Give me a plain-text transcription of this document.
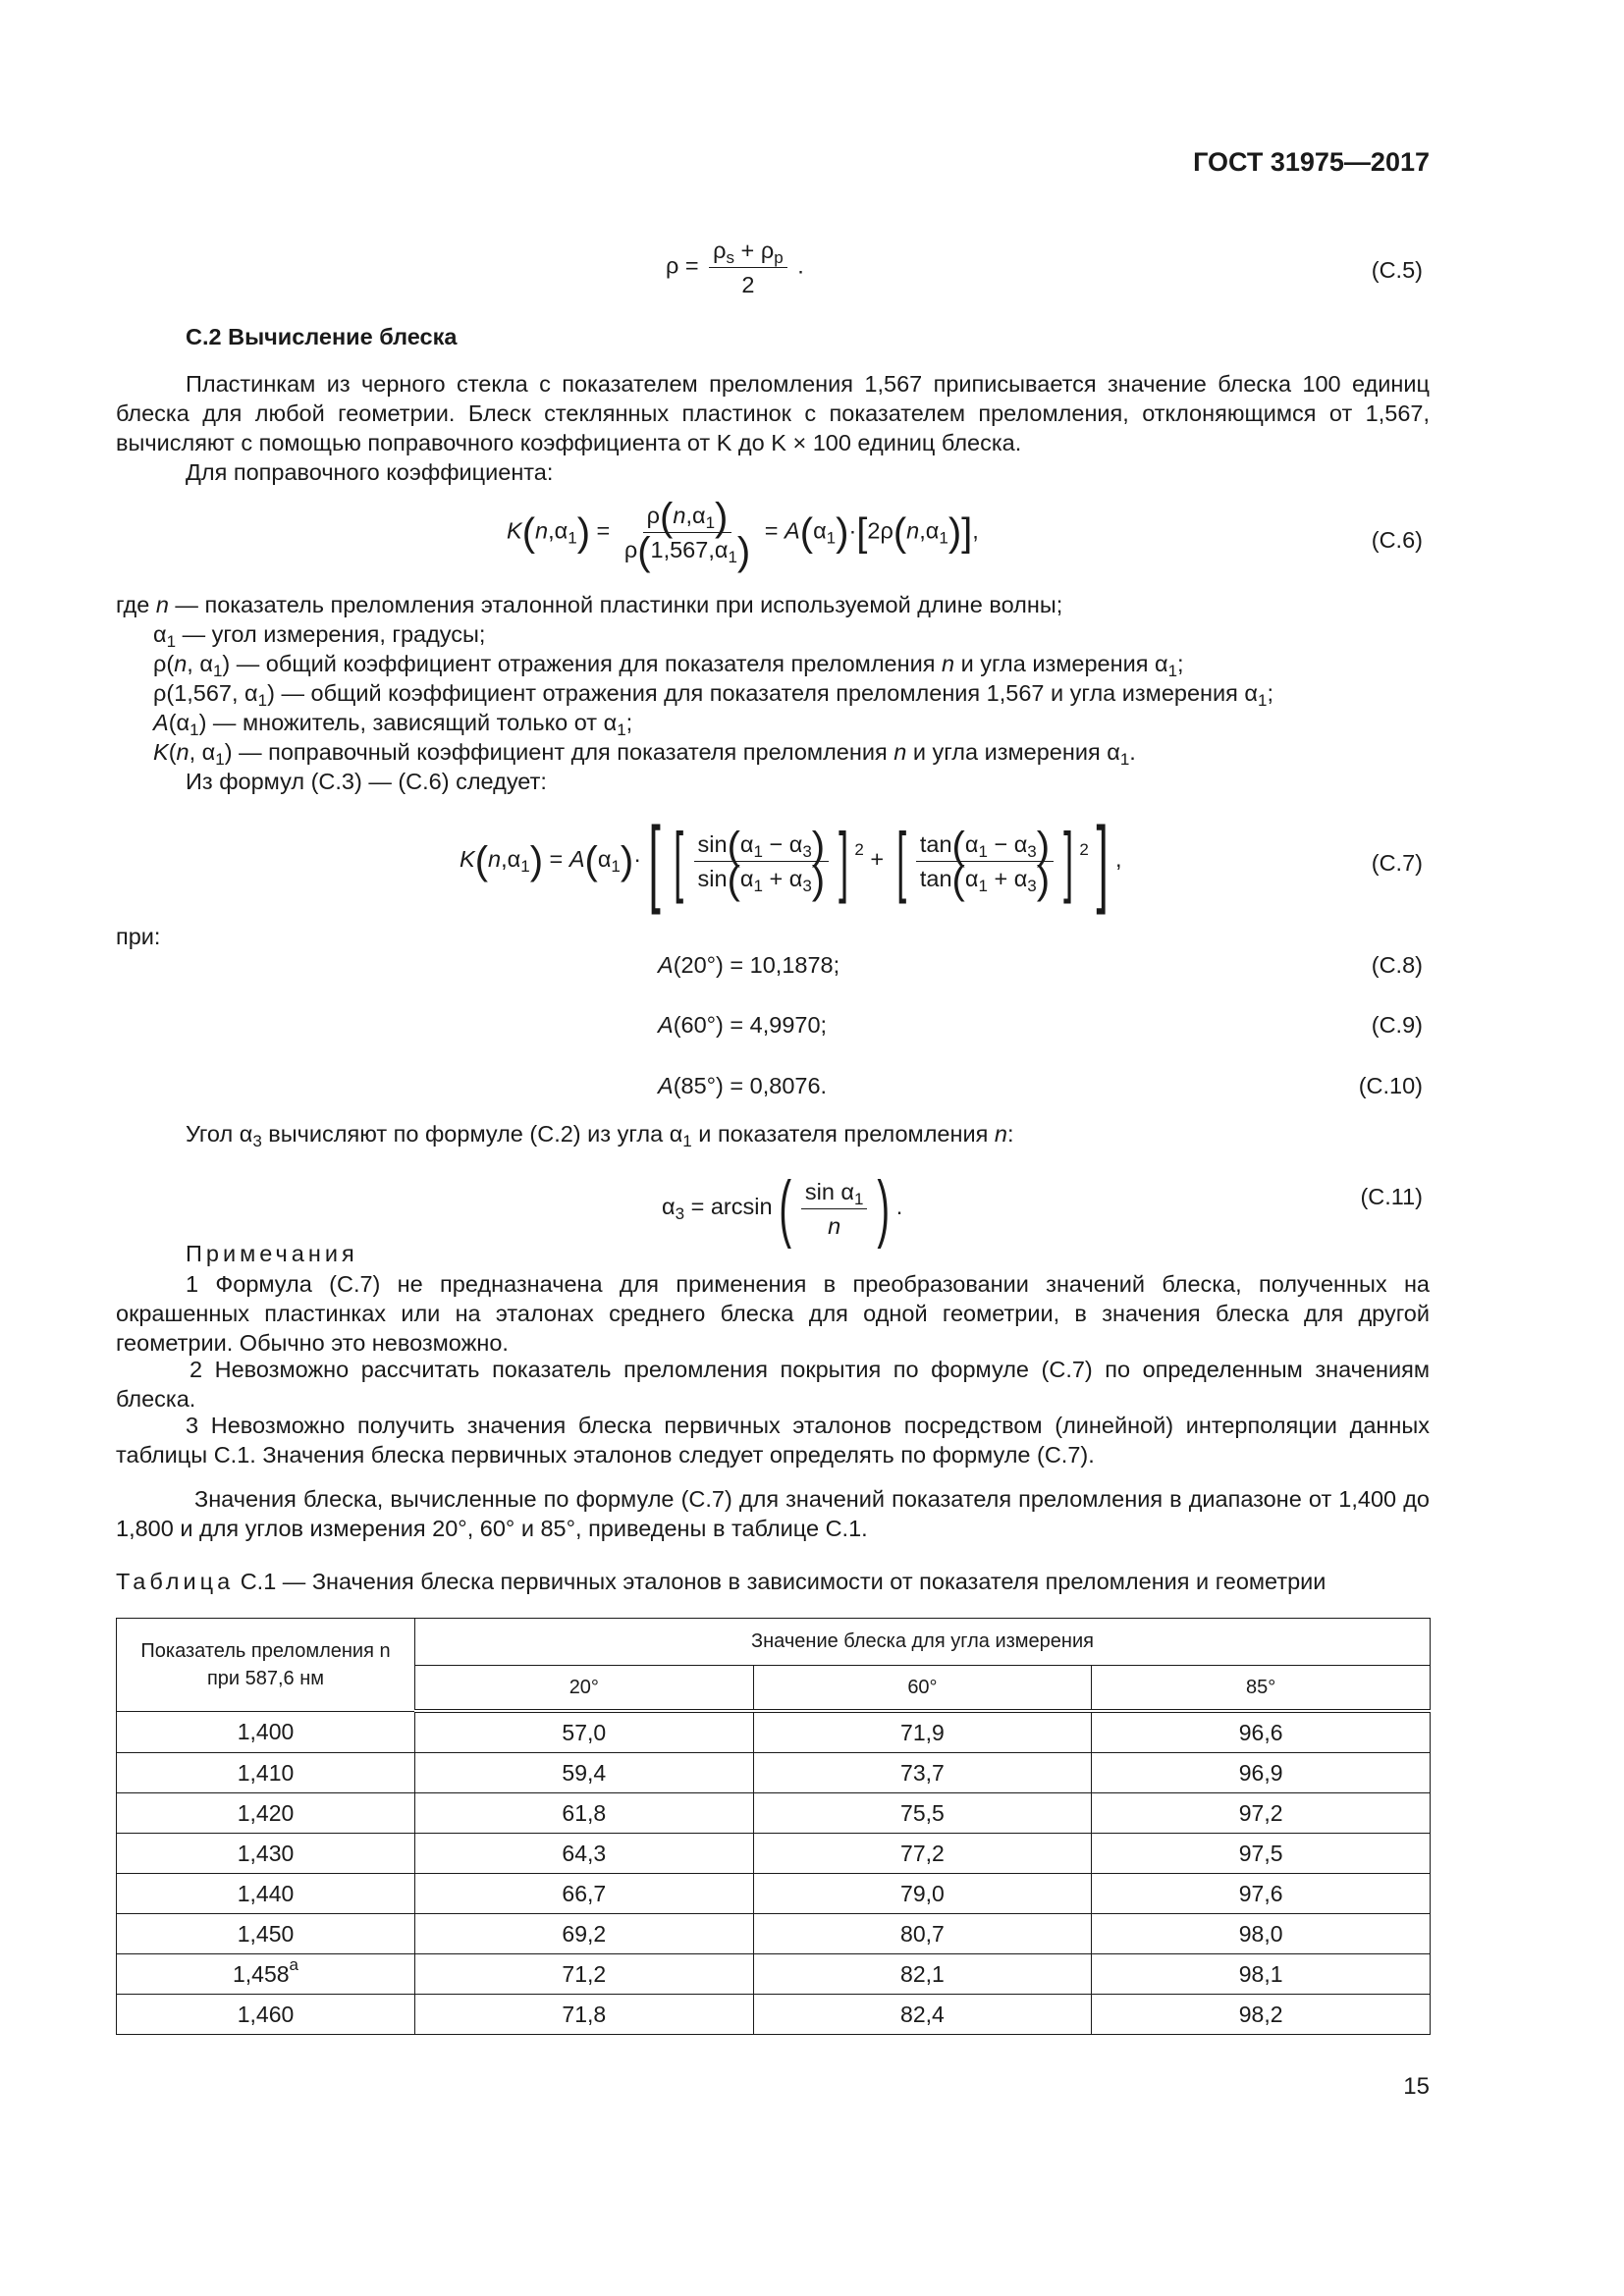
ГОСТ 31975—2017
$\rho = \frac{\rho_s + \rho_p}{2}$ .	(С.5)
С.2 Вычисление блеска
Пластинкам из черного стекла с показателем преломления 1,567 приписывается значение блеска 100 единиц блеска для любой геометрии. Блеск стеклянных пластинок с показателем преломления, отклоняющимся от 1,567, вычисляют с помощью поправочного коэффициента от K до K × 100 единиц блеска.
Для поправочного коэффициента:
$K(n,\alpha_1) = \frac{\rho(n,\alpha_1)}{\rho(1,567,\alpha_1)} = A(\alpha_1)\cdot[2\rho(n,\alpha_1)]$,	(С.6)
где n — показатель преломления эталонной пластинки при используемой длине волны;
$\alpha_1$ — угол измерения, градусы;
ρ(n, $\alpha_1$) — общий коэффициент отражения для показателя преломления n и угла измерения $\alpha_1$;
ρ(1,567, $\alpha_1$) — общий коэффициент отражения для показателя преломления 1,567 и угла измерения $\alpha_1$;
$A(\alpha_1)$ — множитель, зависящий только от $\alpha_1$;
K(n, $\alpha_1$) — поправочный коэффициент для показателя преломления n и угла измерения $\alpha_1$.
Из формул (С.3) — (С.6) следует:
$K(n,\alpha_1) = A(\alpha_1)\cdot$[ [ $\frac{\sin(\alpha_1 - \alpha_3)}{\sin(\alpha_1 + \alpha_3)}$ ] $^2$ + [ $\frac{\tan(\alpha_1 - \alpha_3)}{\tan(\alpha_1 + \alpha_3)}$ ] $^2$] ,	(С.7)
при:
A(20°) = 10,1878;	(С.8)
A(60°) = 4,9970;	(С.9)
A(85°) = 0,8076.	(С.10)
Угол $\alpha_3$ вычисляют по формуле (С.2) из угла $\alpha_1$ и показателя преломления n:
$\alpha_3 = \arcsin( \frac{\sin \alpha_1}{n}$ ) .	(С.11)
Примечания
1 Формула (С.7) не предназначена для применения в преобразовании значений блеска, полученных на окрашенных пластинках или на эталонах среднего блеска для одной геометрии, в значения блеска для другой геометрии. Обычно это невозможно.
2 Невозможно рассчитать показатель преломления покрытия по формуле (С.7) по определенным значениям блеска.
3 Невозможно получить значения блеска первичных эталонов посредством (линейной) интерполяции данных таблицы С.1. Значения блеска первичных эталонов следует определять по формуле (С.7).
Значения блеска, вычисленные по формуле (С.7) для значений показателя преломления в диапазоне от 1,400 до 1,800 и для углов измерения 20°, 60° и 85°, приведены в таблице С.1.
Таблица С.1 — Значения блеска первичных эталонов в зависимости от показателя преломления и геометрии
Показатель преломления n
при 587,6 нм	Значение блеска для угла измерения		
	20°	60°	85°
1,400	57,0	71,9	96,6
1,410	59,4	73,7	96,9
1,420	61,8	75,5	97,2
1,430	64,3	77,2	97,5
1,440	66,7	79,0	97,6
1,450	69,2	80,7	98,0
$1,458^а$	71,2	82,1	98,1
1,460	71,8	82,4	98,2
15
